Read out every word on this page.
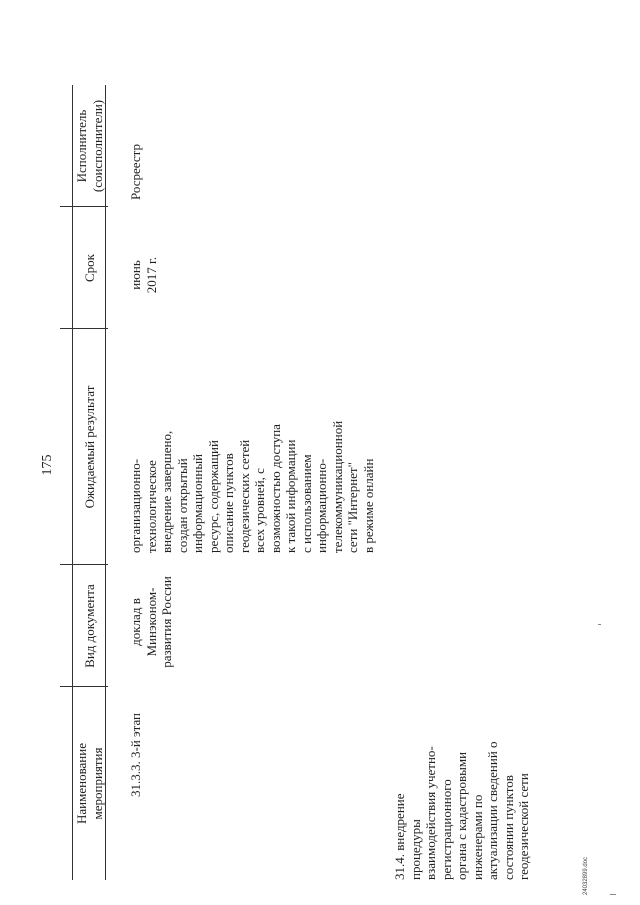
175
Наименование мероприятия
Вид документа
Ожидаемый результат
Срок
Исполнитель (соисполнители)
31.3.3. 3-й этап
доклад в Минэконом- развития России
организационно- технологическое внедрение завершено, создан открытый информационный ресурс, содержащий описание пунктов геодезических сетей всех уровней, с возможностью доступа к такой информации с использованием информационно- телекоммуникационной сети "Интернет" в режиме онлайн
июнь 2017 г.
Росреестр
31.4. внедрение процедуры взаимодействия учетно- регистрационного органа с кадастровыми инженерами по актуализации сведений о состоянии пунктов геодезической сети	24032899.doc
